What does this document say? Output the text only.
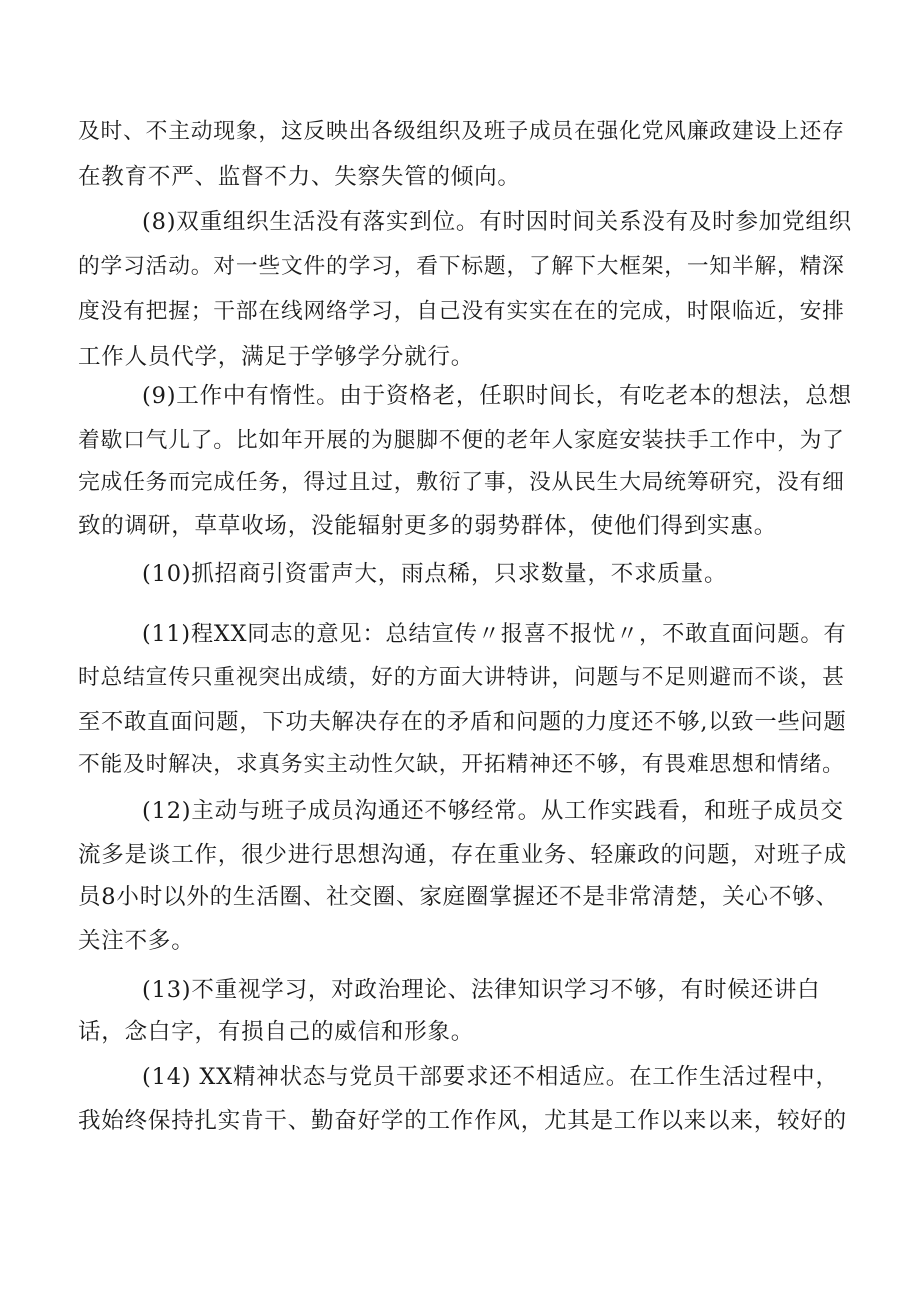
及时、不主动现象，这反映出各级组织及班子成员在强化党风廉政建设上还存

在教育不严、监督不力、失察失管的倾向。

(8)双重组织生活没有落实到位。有时因时间关系没有及时参加党组织

的学习活动。对一些文件的学习，看下标题，了解下大框架，一知半解，精深

度没有把握；干部在线网络学习，自己没有实实在在的完成，时限临近，安排

工作人员代学，满足于学够学分就行。

(9)工作中有惰性。由于资格老，任职时间长，有吃老本的想法，总想

着歇口气儿了。比如年开展的为腿脚不便的老年人家庭安装扶手工作中，为了

完成任务而完成任务，得过且过，敷衍了事，没从民生大局统筹研究，没有细

致的调研，草草收场，没能辐射更多的弱势群体，使他们得到实惠。

(10)抓招商引资雷声大，雨点稀，只求数量，不求质量。

(11)程XX同志的意见：总结宣传〃报喜不报忧〃，不敢直面问题。有

时总结宣传只重视突出成绩，好的方面大讲特讲，问题与不足则避而不谈，甚

至不敢直面问题，下功夫解决存在的矛盾和问题的力度还不够,以致一些问题

不能及时解决，求真务实主动性欠缺，开拓精神还不够，有畏难思想和情绪。

(12)主动与班子成员沟通还不够经常。从工作实践看，和班子成员交

流多是谈工作，很少进行思想沟通，存在重业务、轻廉政的问题，对班子成

员8小时以外的生活圈、社交圈、家庭圈掌握还不是非常清楚，关心不够、

关注不多。

(13)不重视学习，对政治理论、法律知识学习不够，有时候还讲白

话，念白字，有损自己的威信和形象。

(14) XX精神状态与党员干部要求还不相适应。在工作生活过程中，

我始终保持扎实肯干、勤奋好学的工作作风，尤其是工作以来以来，较好的
